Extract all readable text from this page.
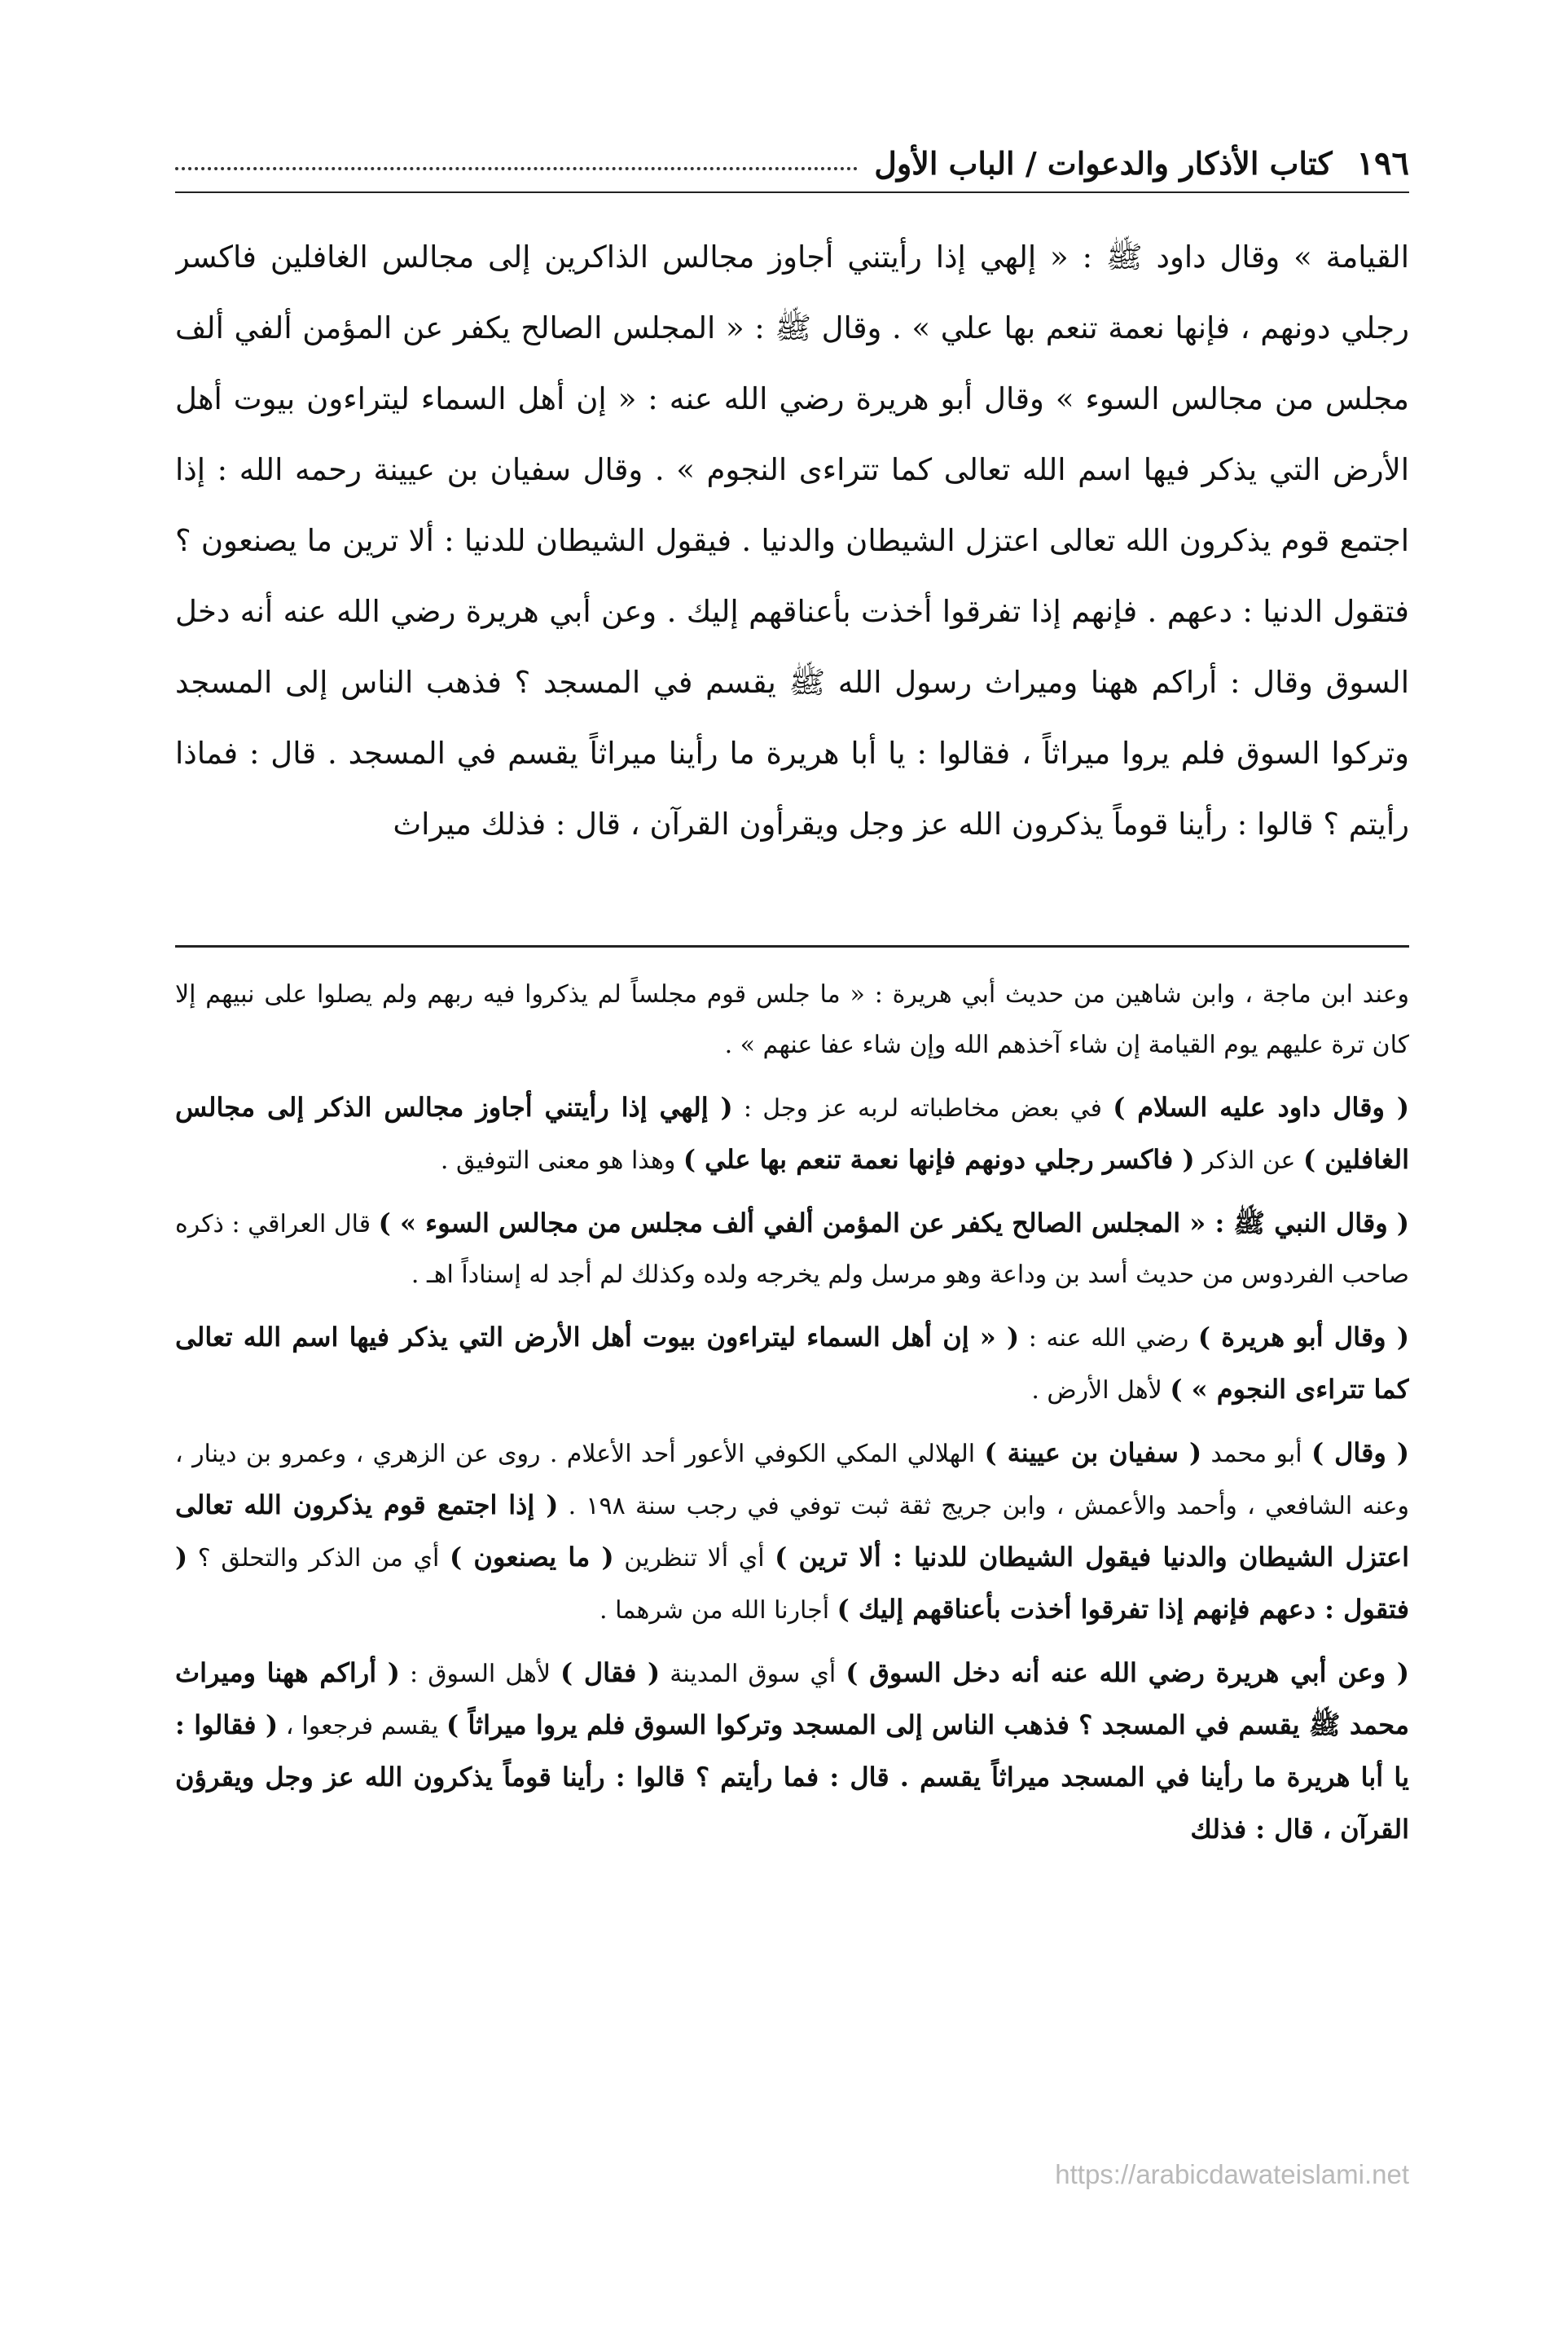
١٩٦
كتاب الأذكار والدعوات / الباب الأول

القيامة » وقال داود ﷺ : « إلهي إذا رأيتني أجاوز مجالس الذاكرين إلى مجالس الغافلين فاكسر رجلي دونهم ، فإنها نعمة تنعم بها علي » . وقال ﷺ : « المجلس الصالح يكفر عن المؤمن ألفي ألف مجلس من مجالس السوء » وقال أبو هريرة رضي الله عنه : « إن أهل السماء ليتراءون بيوت أهل الأرض التي يذكر فيها اسم الله تعالى كما تتراءى النجوم » . وقال سفيان بن عيينة رحمه الله : إذا اجتمع قوم يذكرون الله تعالى اعتزل الشيطان والدنيا . فيقول الشيطان للدنيا : ألا ترين ما يصنعون ؟ فتقول الدنيا : دعهم . فإنهم إذا تفرقوا أخذت بأعناقهم إليك . وعن أبي هريرة رضي الله عنه أنه دخل السوق وقال : أراكم ههنا وميراث رسول الله ﷺ يقسم في المسجد ؟ فذهب الناس إلى المسجد وتركوا السوق فلم يروا ميراثاً ، فقالوا : يا أبا هريرة ما رأينا ميراثاً يقسم في المسجد . قال : فماذا رأيتم ؟ قالوا : رأينا قوماً يذكرون الله عز وجل ويقرأون القرآن ، قال : فذلك ميراث

وعند ابن ماجة ، وابن شاهين من حديث أبي هريرة : « ما جلس قوم مجلساً لم يذكروا فيه ربهم ولم يصلوا على نبيهم إلا كان ترة عليهم يوم القيامة إن شاء آخذهم الله وإن شاء عفا عنهم » .

( وقال داود عليه السلام ) في بعض مخاطباته لربه عز وجل : ( إلهي إذا رأيتني أجاوز مجالس الذكر إلى مجالس الغافلين ) عن الذكر ( فاكسر رجلي دونهم فإنها نعمة تنعم بها علي ) وهذا هو معنى التوفيق .

( وقال النبي ﷺ : « المجلس الصالح يكفر عن المؤمن ألفي ألف مجلس من مجالس السوء » ) قال العراقي : ذكره صاحب الفردوس من حديث أسد بن وداعة وهو مرسل ولم يخرجه ولده وكذلك لم أجد له إسناداً اهـ .

( وقال أبو هريرة ) رضي الله عنه : ( « إن أهل السماء ليتراءون بيوت أهل الأرض التي يذكر فيها اسم الله تعالى كما تتراءى النجوم » ) لأهل الأرض .

( وقال ) أبو محمد ( سفيان بن عيينة ) الهلالي المكي الكوفي الأعور أحد الأعلام . روى عن الزهري ، وعمرو بن دينار ، وعنه الشافعي ، وأحمد والأعمش ، وابن جريج ثقة ثبت توفي في رجب سنة ١٩٨ . ( إذا اجتمع قوم يذكرون الله تعالى اعتزل الشيطان والدنيا فيقول الشيطان للدنيا : ألا ترين ) أي ألا تنظرين ( ما يصنعون ) أي من الذكر والتحلق ؟ ( فتقول : دعهم فإنهم إذا تفرقوا أخذت بأعناقهم إليك ) أجارنا الله من شرهما .

( وعن أبي هريرة رضي الله عنه أنه دخل السوق ) أي سوق المدينة ( فقال ) لأهل السوق : ( أراكم ههنا وميراث محمد ﷺ يقسم في المسجد ؟ فذهب الناس إلى المسجد وتركوا السوق فلم يروا ميراثاً ) يقسم فرجعوا ، ( فقالوا : يا أبا هريرة ما رأينا في المسجد ميراثاً يقسم . قال : فما رأيتم ؟ قالوا : رأينا قوماً يذكرون الله عز وجل ويقرؤن القرآن ، قال : فذلك

https://arabicdawateislami.net
